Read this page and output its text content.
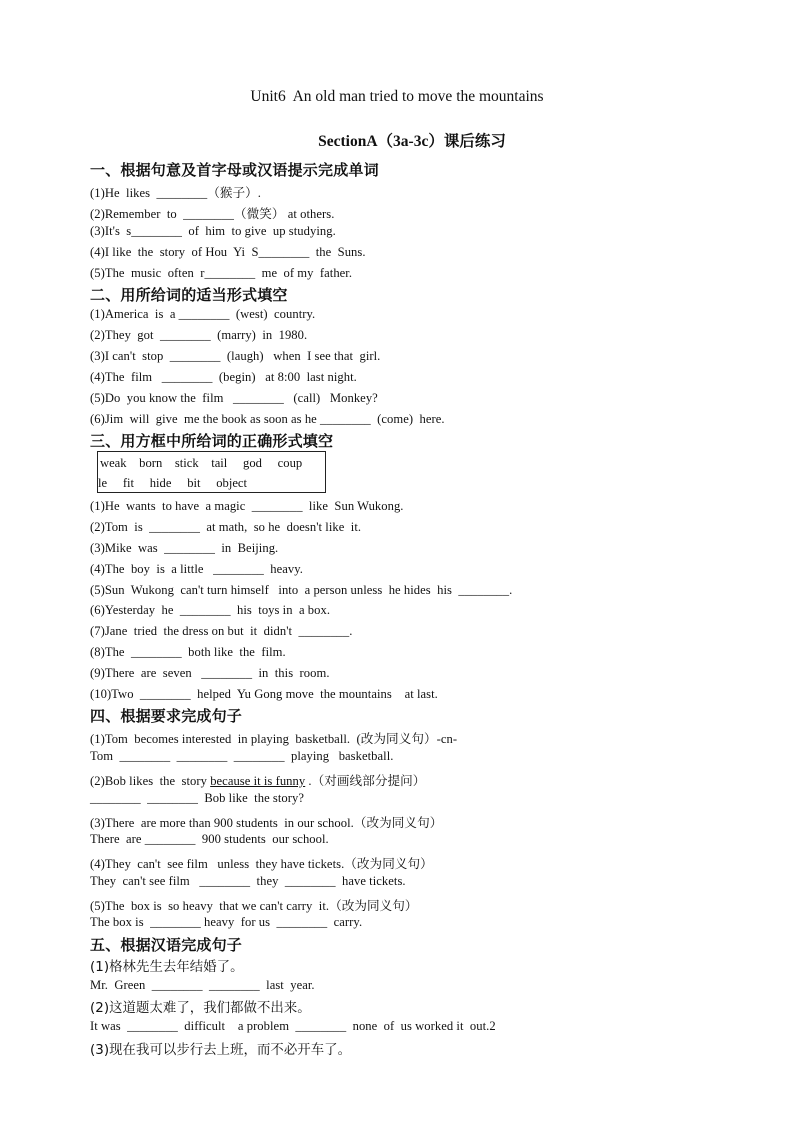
Unit6  An old man tried to move the mountains
SectionA（3a-3c）课后练习
一、根据句意及首字母或汉语提示完成单词
(1)He  likes  ________（猴子）.
(2)Remember  to  ________（微笑） at others.
(3)It's  s________  of  him  to give  up studying.
(4)I like  the  story  of Hou  Yi  S________  the  Suns.
(5)The  music  often  r________  me  of my  father.
二、用所给词的适当形式填空
(1)America  is  a ________  (west)  country.
(2)They  got  ________  (marry)  in  1980.
(3)I can't  stop  ________  (laugh)   when  I see that  girl.
(4)The  film   ________  (begin)   at 8:00  last night.
(5)Do  you know the  film   ________   (call)   Monkey?
(6)Jim  will  give  me the book as soon as he ________  (come)  here.
三、用方框中所给词的正确形式填空
weak    born    stick    tail     god     coup
le     fit     hide     bit     object
(1)He  wants  to have  a magic  ________  like  Sun Wukong.
(2)Tom  is  ________  at math,  so he  doesn't like  it.
(3)Mike  was  ________  in  Beijing.
(4)The  boy  is  a little   ________  heavy.
(5)Sun  Wukong  can't turn himself   into  a person unless  he hides  his  ________.
(6)Yesterday  he  ________  his  toys in  a box.
(7)Jane  tried  the dress on but  it  didn't  ________.
(8)The  ________  both like  the  film.
(9)There  are  seven   ________  in  this  room.
(10)Two  ________  helped  Yu Gong move  the mountains    at last.
四、根据要求完成句子
(1)Tom  becomes interested  in playing  basketball.  (改为同义句）-cn-
Tom  ________  ________  ________  playing   basketball.
(2)Bob likes  the  story because it is funny .（对画线部分提问）
________  ________  Bob like  the story?
(3)There  are more than 900 students  in our school.（改为同义句）
There  are ________  900 students  our school.
(4)They  can't  see film   unless  they have tickets.（改为同义句）
They  can't see film   ________  they  ________  have tickets.
(5)The  box is  so heavy  that we can't carry  it.（改为同义句）
The box is  ________ heavy  for us  ________  carry.
五、根据汉语完成句子
(1)格林先生去年结婚了。
Mr.  Green  ________  ________  last  year.
(2)这道题太难了，我们都做不出来。
It was  ________  difficult    a problem  ________  none  of  us worked it  out.2
(3)现在我可以步行去上班，而不必开车了。
